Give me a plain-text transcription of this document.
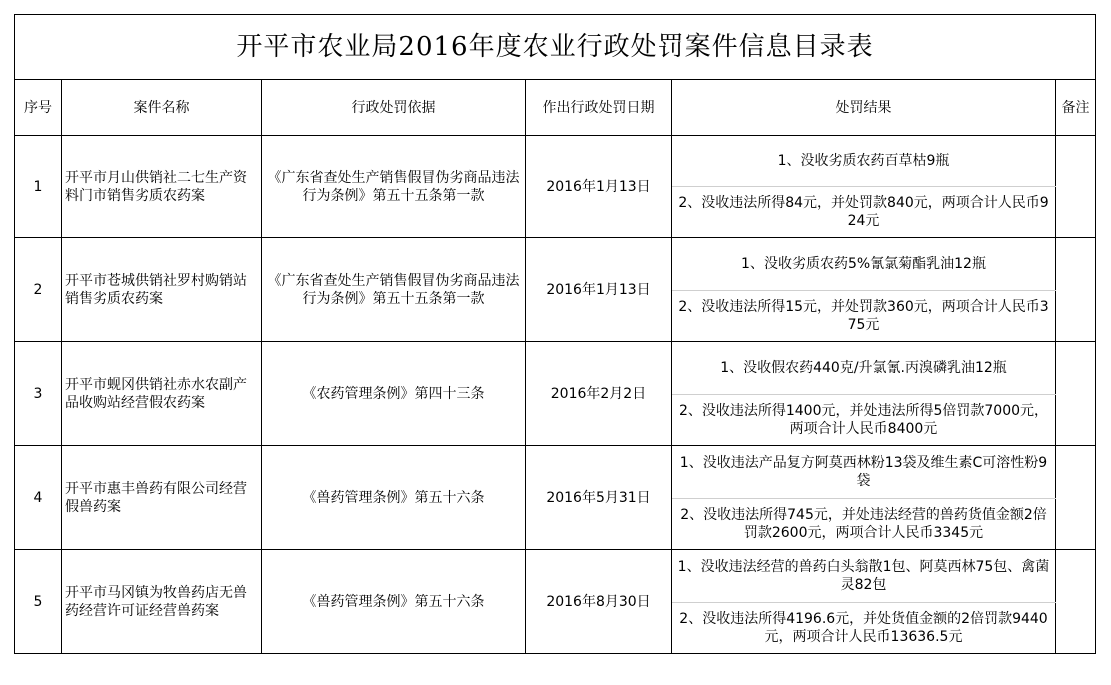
开平市农业局2016年度农业行政处罚案件信息目录表					
序号	案件名称	行政处罚依据	作出行政处罚日期	处罚结果	备注
1	开平市月山供销社二七生产资料门市销售劣质农药案	《广东省查处生产销售假冒伪劣商品违法行为条例》第五十五条第一款	2016年1月13日	1、没收劣质农药百草枯9瓶	
				2、没收违法所得84元，并处罚款840元，两项合计人民币924元	
2	开平市苍城供销社罗村购销站销售劣质农药案	《广东省查处生产销售假冒伪劣商品违法行为条例》第五十五条第一款	2016年1月13日	1、没收劣质农药5%氰氯菊酯乳油12瓶	
				2、没收违法所得15元，并处罚款360元，两项合计人民币375元	
3	开平市蚬冈供销社赤水农副产品收购站经营假农药案	《农药管理条例》第四十三条	2016年2月2日	1、没收假农药440克/升氯氰.丙溴磷乳油12瓶	
				2、没收违法所得1400元，并处违法所得5倍罚款7000元，两项合计人民币8400元	
4	开平市惠丰兽药有限公司经营假兽药案	《兽药管理条例》第五十六条	2016年5月31日	1、没收违法产品复方阿莫西林粉13袋及维生素C可溶性粉9袋	
				2、没收违法所得745元，并处违法经营的兽药货值金额2倍罚款2600元，两项合计人民币3345元	
5	开平市马冈镇为牧兽药店无兽药经营许可证经营兽药案	《兽药管理条例》第五十六条	2016年8月30日	1、没收违法经营的兽药白头翁散1包、阿莫西林75包、禽菌灵82包	
				2、没收违法所得4196.6元，并处货值金额的2倍罚款9440元，两项合计人民币13636.5元	
